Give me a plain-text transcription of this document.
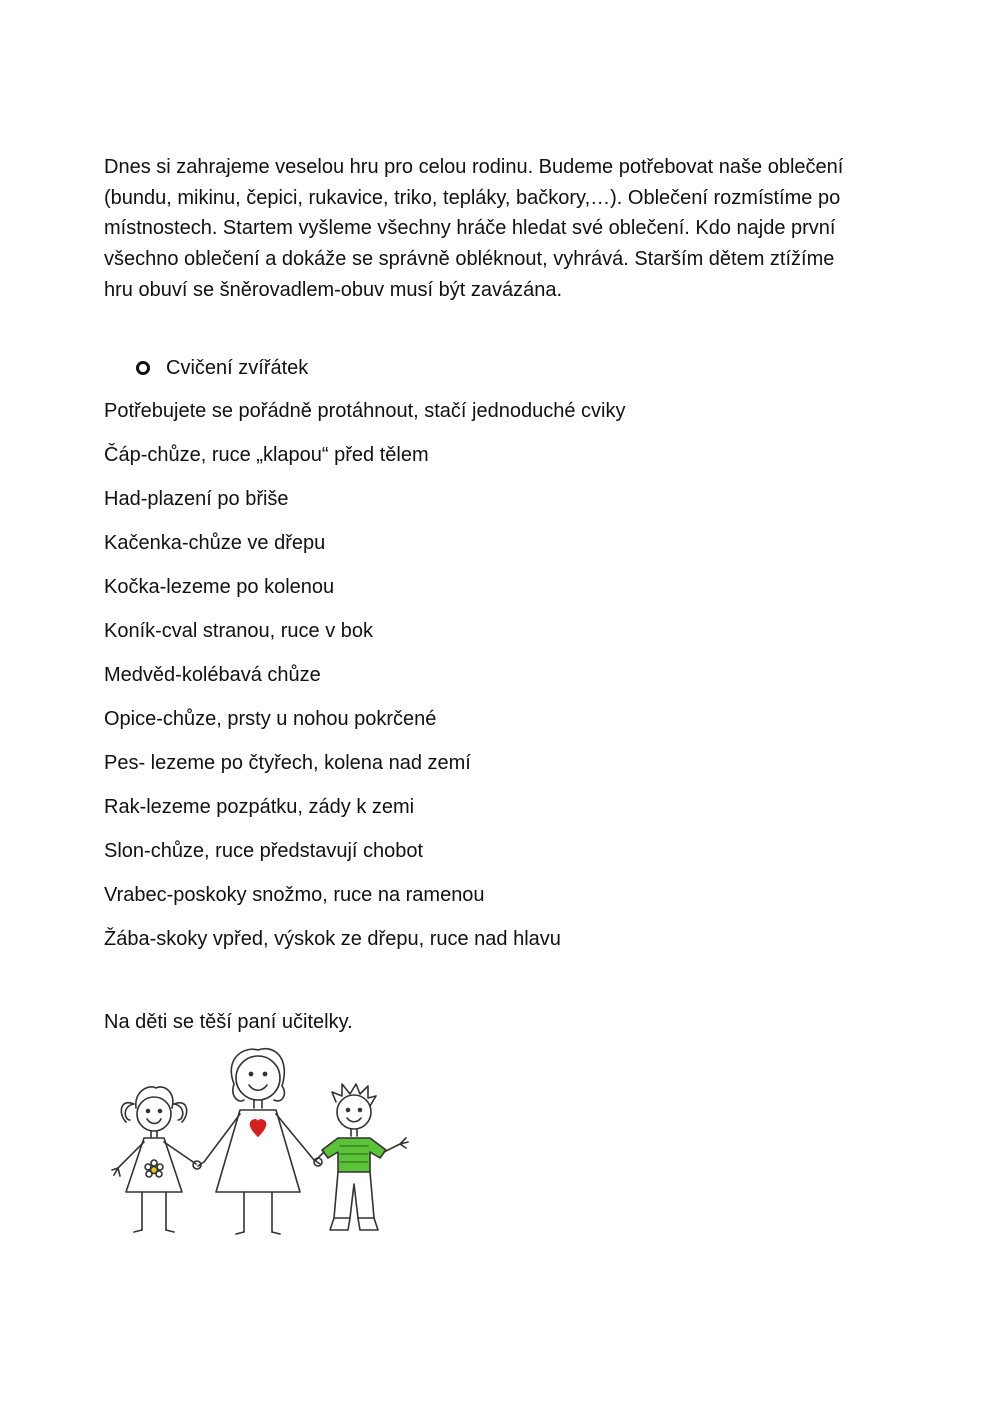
Dnes si zahrajeme veselou hru pro celou rodinu. Budeme potřebovat naše oblečení (bundu, mikinu, čepici, rukavice, triko, tepláky, bačkory,…). Oblečení rozmístíme po místnostech. Startem vyšleme všechny hráče hledat své oblečení. Kdo najde první všechno oblečení a dokáže se správně obléknout, vyhrává. Starším dětem ztížíme hru obuví se šněrovadlem-obuv musí být zavázána.

Cvičení zvířátek

Potřebujete se pořádně protáhnout, stačí jednoduché cviky

Čáp-chůze, ruce „klapou“ před tělem
Had-plazení po břiše
Kačenka-chůze ve dřepu
Kočka-lezeme po kolenou
Koník-cval stranou, ruce v bok
Medvěd-kolébavá chůze
Opice-chůze, prsty u nohou pokrčené
Pes- lezeme po čtyřech, kolena nad zemí
Rak-lezeme pozpátku, zády k zemi
Slon-chůze, ruce představují chobot
Vrabec-poskoky snožmo, ruce na ramenou
Žába-skoky vpřed, výskok ze dřepu, ruce nad hlavu

Na děti se těší paní učitelky.
